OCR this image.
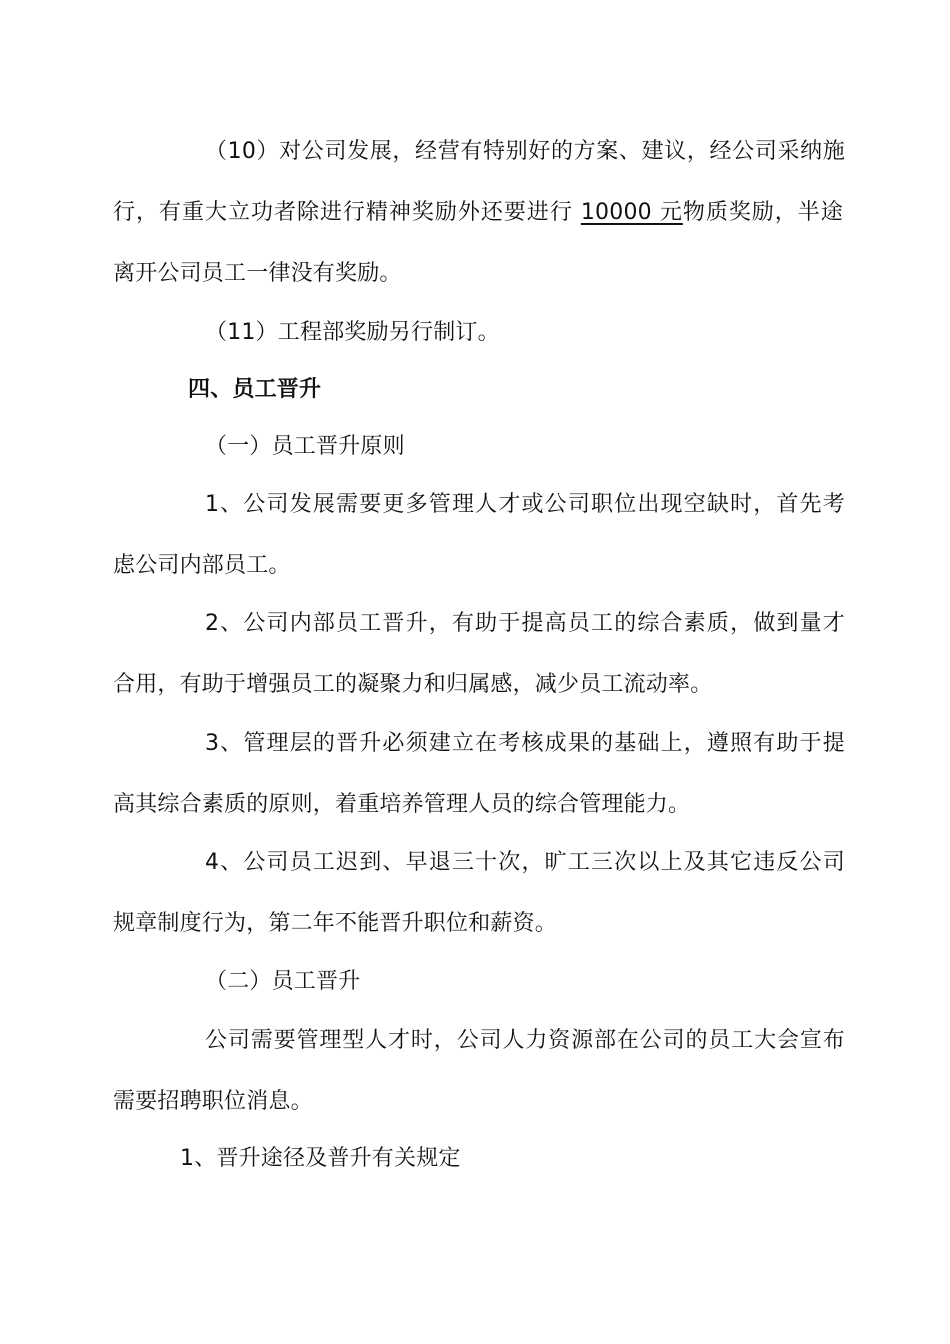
（10）对公司发展，经营有特别好的方案、建议，经公司采纳施
行，有重大立功者除进行精神奖励外还要进行 10000 元物质奖励，半途
离开公司员工一律没有奖励。
（11）工程部奖励另行制订。
四、员工晋升
（一）员工晋升原则
1、公司发展需要更多管理人才或公司职位出现空缺时，首先考
虑公司内部员工。
2、公司内部员工晋升，有助于提高员工的综合素质，做到量才
合用，有助于增强员工的凝聚力和归属感，减少员工流动率。
3、管理层的晋升必须建立在考核成果的基础上，遵照有助于提
高其综合素质的原则，着重培养管理人员的综合管理能力。
4、公司员工迟到、早退三十次，旷工三次以上及其它违反公司
规章制度行为，第二年不能晋升职位和薪资。
（二）员工晋升
公司需要管理型人才时，公司人力资源部在公司的员工大会宣布
需要招聘职位消息。
1、晋升途径及普升有关规定
